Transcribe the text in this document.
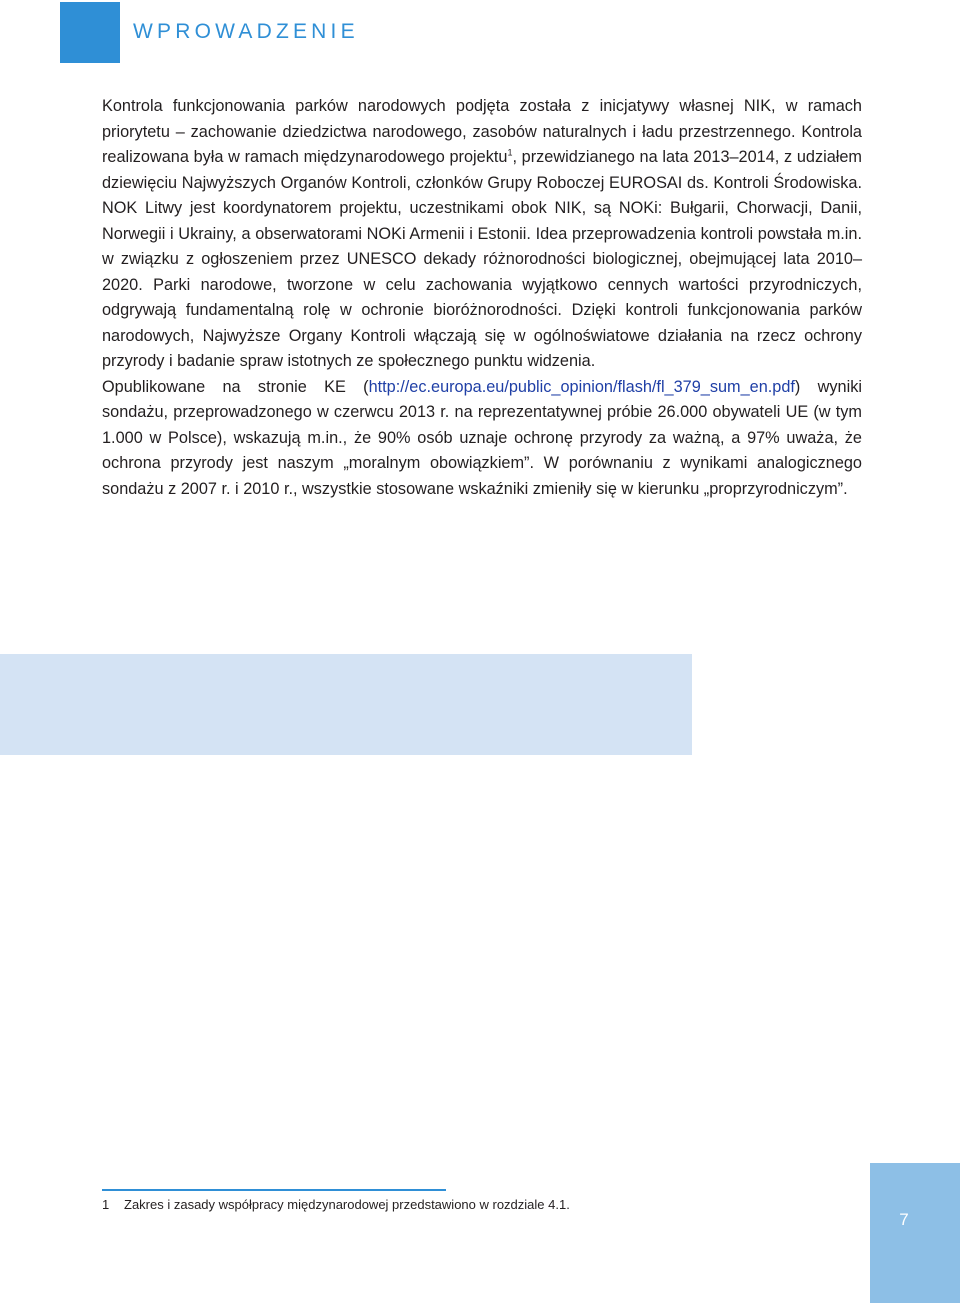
WPROWADZENIE

Kontrola funkcjonowania parków narodowych podjęta została z inicjatywy własnej NIK, w ramach priorytetu – zachowanie dziedzictwa narodowego, zasobów naturalnych i ładu przestrzennego. Kontrola realizowana była w ramach międzynarodowego projektu$^1$, przewidzianego na lata 2013–2014, z udziałem dziewięciu Najwyższych Organów Kontroli, członków Grupy Roboczej EUROSAI ds. Kontroli Środowiska. NOK Litwy jest koordynatorem projektu, uczestnikami obok NIK, są NOKi: Bułgarii, Chorwacji, Danii, Norwegii i Ukrainy, a obserwatorami NOKi Armenii i Estonii. Idea przeprowadzenia kontroli powstała m.in. w związku z ogłoszeniem przez UNESCO dekady różnorodności biologicznej, obejmującej lata 2010–2020. Parki narodowe, tworzone w celu zachowania wyjątkowo cennych wartości przyrodniczych, odgrywają fundamentalną rolę w ochronie bioróżnorodności. Dzięki kontroli funkcjonowania parków narodowych, Najwyższe Organy Kontroli włączają się w ogólnoświatowe działania na rzecz ochrony przyrody i badanie spraw istotnych ze społecznego punktu widzenia.

Opublikowane na stronie KE (http://ec.europa.eu/public_opinion/flash/fl_379_sum_en.pdf) wyniki sondażu, przeprowadzonego w czerwcu 2013 r. na reprezentatywnej próbie 26.000 obywateli UE (w tym 1.000 w Polsce), wskazują m.in., że 90% osób uznaje ochronę przyrody za ważną, a 97% uważa, że ochrona przyrody jest naszym „moralnym obowiązkiem”. W porównaniu z wynikami analogicznego sondażu z 2007 r. i 2010 r., wszystkie stosowane wskaźniki zmieniły się w kierunku „proprzyrodniczym”.

1 Zakres i zasady współpracy międzynarodowej przedstawiono w rozdziale 4.1.
7
